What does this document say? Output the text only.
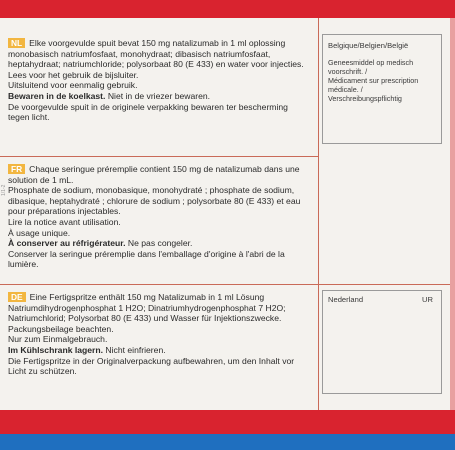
1/1-2

NL Elke voorgevulde spuit bevat 150 mg natalizumab in 1 ml oplossing

monobasisch natriumfosfaat, monohydraat; dibasisch natriumfosfaat, heptahydraat; natriumchloride; polysorbaat 80 (E 433) en water voor injecties.

Lees voor het gebruik de bijsluiter.

Uitsluitend voor eenmalig gebruik.

Bewaren in de koelkast. Niet in de vriezer bewaren.

De voorgevulde spuit in de originele verpakking bewaren ter bescherming tegen licht.

FR Chaque seringue préremplie contient 150 mg de natalizumab dans une solution de 1 mL.

Phosphate de sodium, monobasique, monohydraté ; phosphate de sodium, dibasique, heptahydraté ; chlorure de sodium ; polysorbate 80 (E 433) et eau pour préparations injectables.

Lire la notice avant utilisation.

À usage unique.

À conserver au réfrigérateur. Ne pas congeler.

Conserver la seringue préremplie dans l'emballage d'origine à l'abri de la lumière.

DE Eine Fertigspritze enthält 150 mg Natalizumab in 1 ml Lösung

Natriumdihydrogenphosphat 1 H2O; Dinatriumhydrogenphosphat 7 H2O; Natriumchlorid; Polysorbat 80 (E 433) und Wasser für Injektionszwecke.

Packungsbeilage beachten.

Nur zum Einmalgebrauch.

Im Kühlschrank lagern. Nicht einfrieren.

Die Fertigspritze in der Originalverpackung aufbewahren, um den Inhalt vor Licht zu schützen.

Belgique/Belgien/België

Geneesmiddel op medisch voorschrift. /

Médicament sur prescription médicale. /

Verschreibungspflichtig

Nederland	UR
